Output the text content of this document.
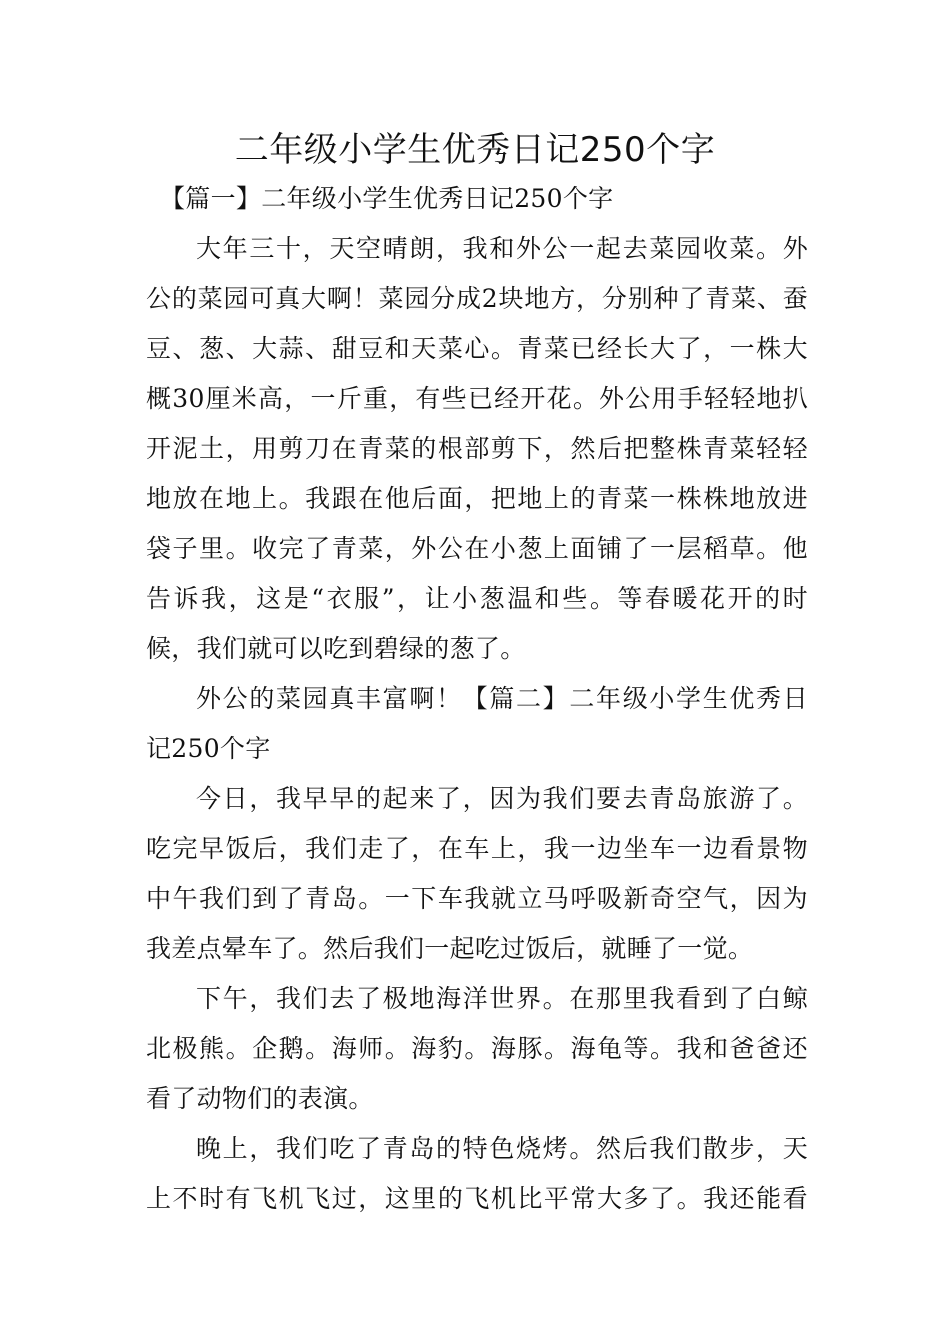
二年级小学生优秀日记250个字

【篇一】二年级小学生优秀日记250个字

大年三十，天空晴朗，我和外公一起去菜园收菜。外

公的菜园可真大啊！菜园分成2块地方，分别种了青菜、蚕

豆、葱、大蒜、甜豆和天菜心。青菜已经长大了，一株大

概30厘米高，一斤重，有些已经开花。外公用手轻轻地扒

开泥土，用剪刀在青菜的根部剪下，然后把整株青菜轻轻

地放在地上。我跟在他后面，把地上的青菜一株株地放进

袋子里。收完了青菜，外公在小葱上面铺了一层稻草。他

告诉我，这是“衣服”，让小葱温和些。等春暖花开的时

候，我们就可以吃到碧绿的葱了。

外公的菜园真丰富啊！【篇二】二年级小学生优秀日

记250个字

今日，我早早的起来了，因为我们要去青岛旅游了。

吃完早饭后，我们走了，在车上，我一边坐车一边看景物

中午我们到了青岛。一下车我就立马呼吸新奇空气，因为

我差点晕车了。然后我们一起吃过饭后，就睡了一觉。

下午，我们去了极地海洋世界。在那里我看到了白鲸

北极熊。企鹅。海师。海豹。海豚。海龟等。我和爸爸还

看了动物们的表演。

晚上，我们吃了青岛的特色烧烤。然后我们散步，天

上不时有飞机飞过，这里的飞机比平常大多了。我还能看
